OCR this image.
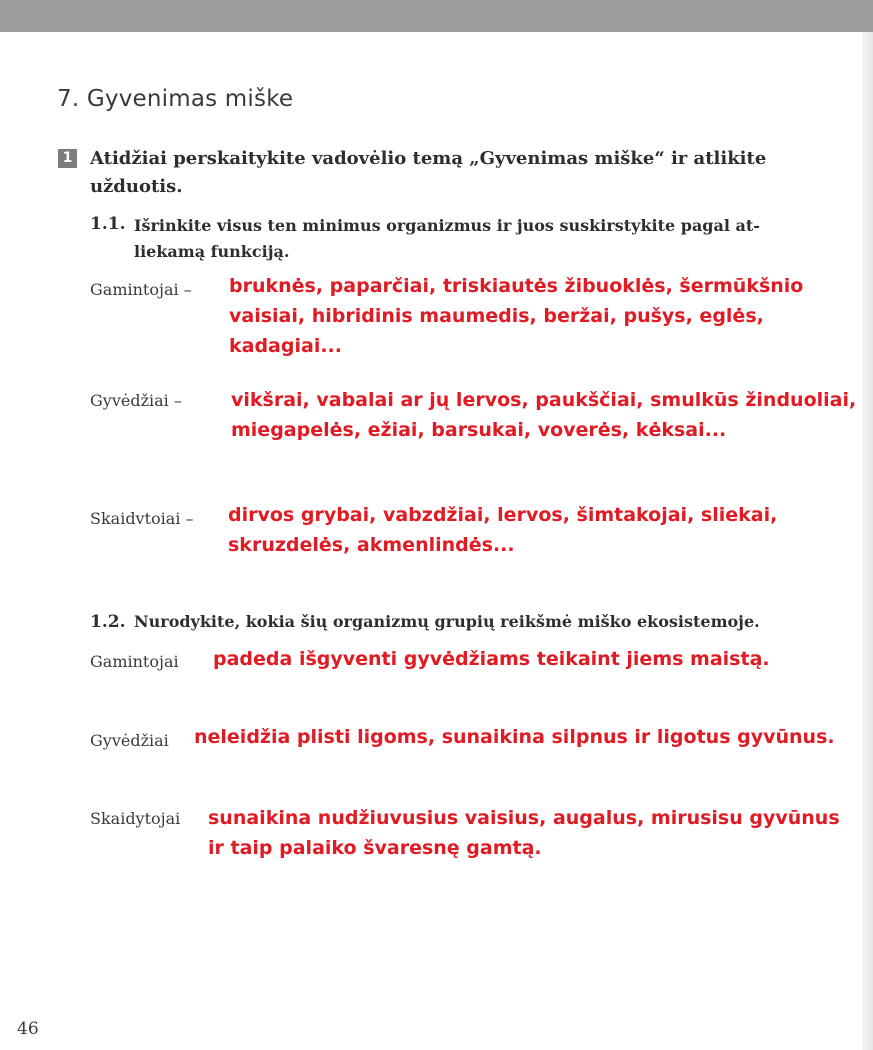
7. Gyvenimas miške
1 Atidžiai perskaitykite vadovėlio temą „Gyvenimas miške“ ir atlikite
užduotis.
1.1. Išrinkite visus ten minimus organizmus ir juos suskirstykite pagal at-
liekamą funkciją.
Gamintojai – bruknės, paparčiai, triskiautės žibuoklės, šermūkšnio
vaisiai, hibridinis maumedis, beržai, pušys, eglės,
kadagiai...
Gyvėdžiai –	vikšrai, vabalai ar jų lervos, paukščiai, smulkūs žinduoliai,
miegapelės, ežiai, barsukai, voverės, kėksai...
Skaidvtoiai – dirvos grybai, vabzdžiai, lervos, šimtakojai, sliekai,
skruzdelės, akmenlindės...
1.2. Nurodykite, kokia šių organizmų grupių reikšmė miško ekosistemoje.
Gamintojai padeda išgyventi gyvėdžiams teikaint jiems maistą.
Gyvėdžiai neleidžia plisti ligoms, sunaikina silpnus ir ligotus gyvūnus.
Skaidytojai sunaikina nudžiuvusius vaisius, augalus, mirusisu gyvūnus
ir taip palaiko švaresnę gamtą.
46
